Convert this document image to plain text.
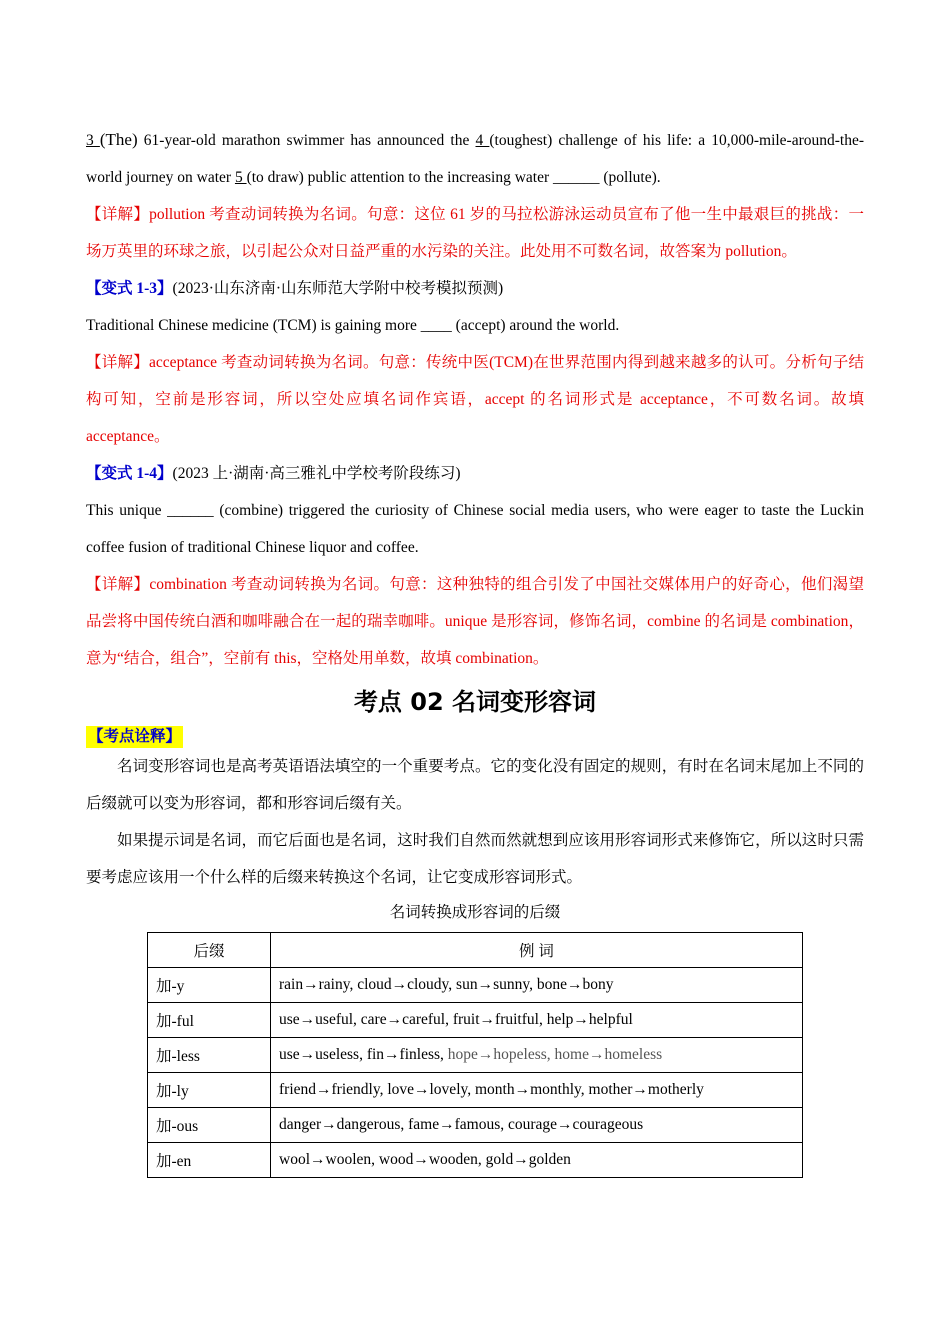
3 (The) 61-year-old marathon swimmer has announced the 4 (toughest) challenge of his life: a 10,000-mile-around-the-world journey on water 5 (to draw) public attention to the increasing water ______ (pollute).

【详解】pollution 考查动词转换为名词。句意：这位 61 岁的马拉松游泳运动员宣布了他一生中最艰巨的挑战：一场万英里的环球之旅，以引起公众对日益严重的水污染的关注。此处用不可数名词，故答案为 pollution。

【变式 1-3】(2023·山东济南·山东师范大学附中校考模拟预测)

Traditional Chinese medicine (TCM) is gaining more ____ (accept) around the world.

【详解】acceptance 考查动词转换为名词。句意：传统中医(TCM)在世界范围内得到越来越多的认可。分析句子结构可知，空前是形容词，所以空处应填名词作宾语，accept 的名词形式是 acceptance，不可数名词。故填 acceptance。

【变式 1-4】(2023 上·湖南·高三雅礼中学校考阶段练习)

This unique ______ (combine) triggered the curiosity of Chinese social media users, who were eager to taste the Luckin coffee fusion of traditional Chinese liquor and coffee.

【详解】combination 考查动词转换为名词。句意：这种独特的组合引发了中国社交媒体用户的好奇心，他们渴望品尝将中国传统白酒和咖啡融合在一起的瑞幸咖啡。unique 是形容词，修饰名词，combine 的名词是 combination，意为“结合，组合”，空前有 this，空格处用单数，故填 combination。

考点 02 名词变形容词
【考点诠释】

名词变形容词也是高考英语语法填空的一个重要考点。它的变化没有固定的规则，有时在名词末尾加上不同的后缀就可以变为形容词，都和形容词后缀有关。

如果提示词是名词，而它后面也是名词，这时我们自然而然就想到应该用形容词形式来修饰它，所以这时只需要考虑应该用一个什么样的后缀来转换这个名词，让它变成形容词形式。

名词转换成形容词的后缀
后缀	例 词
加-y	rain→rainy, cloud→cloudy, sun→sunny, bone→bony
加-ful	use→useful, care→careful, fruit→fruitful, help→helpful
加-less	use→useless, fin→finless, hope→hopeless, home→homeless
加-ly	friend→friendly, love→lovely, month→monthly, mother→motherly
加-ous	danger→dangerous, fame→famous, courage→courageous
加-en	wool→woolen, wood→wooden, gold→golden
